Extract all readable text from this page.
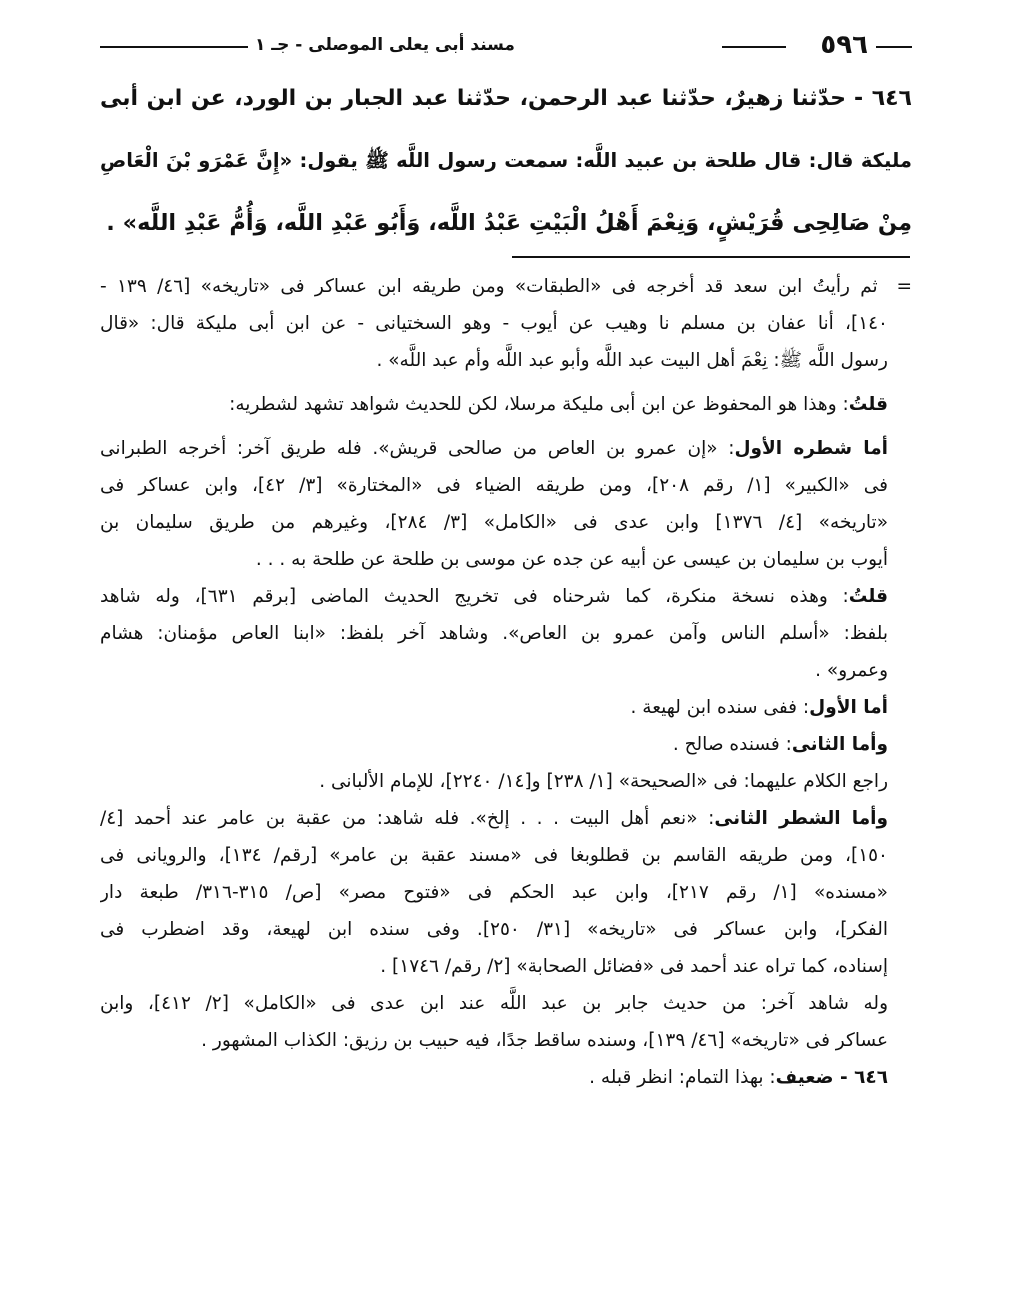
٥٩٦
مسند أبى يعلى الموصلى - جـ ١
٦٤٦ - حدّثنا زهيرٌ، حدّثنا عبد الرحمن، حدّثنا عبد الجبار بن الورد، عن ابن أبى
مليكة قال: قال طلحة بن عبيد اللَّه: سمعت رسول اللَّه ﷺ يقول: «إِنَّ عَمْرَو بْنَ الْعَاصِ
مِنْ صَالِحِى قُرَيْشٍ، وَنِعْمَ أَهْلُ الْبَيْتِ عَبْدُ اللَّه، وَأَبُو عَبْدِ اللَّه، وَأُمُّ عَبْدِ اللَّه» .
= ثم رأيتُ ابن سعد قد أخرجه فى «الطبقات» ومن طريقه ابن عساكر فى «تاريخه» [٤٦/ ١٣٩ -
١٤٠]، أنا عفان بن مسلم نا وهيب عن أيوب - وهو السختيانى - عن ابن أبى مليكة قال: «قال
رسول اللَّه ﷺ: نِعْمَ أهل البيت عبد اللَّه وأبو عبد اللَّه وأم عبد اللَّه» .
قلتُ: وهذا هو المحفوظ عن ابن أبى مليكة مرسلا، لكن للحديث شواهد تشهد لشطريه:
أما شطره الأول: «إن عمرو بن العاص من صالحى قريش». فله طريق آخر: أخرجه الطبرانى
فى «الكبير» [١/ رقم ٢٠٨]، ومن طريقه الضياء فى «المختارة» [٣/ ٤٢]، وابن عساكر فى
«تاريخه» [٤/ ١٣٧٦] وابن عدى فى «الكامل» [٣/ ٢٨٤]، وغيرهم من طريق سليمان بن
أيوب بن سليمان بن عيسى عن أبيه عن جده عن موسى بن طلحة عن طلحة به . . .
قلتُ: وهذه نسخة منكرة، كما شرحناه فى تخريج الحديث الماضى [برقم ٦٣١]، وله شاهد
بلفظ: «أسلم الناس وآمن عمرو بن العاص». وشاهد آخر بلفظ: «ابنا العاص مؤمنان: هشام
وعمرو» .
أما الأول: ففى سنده ابن لهيعة .
وأما الثانى: فسنده صالح .
راجع الكلام عليهما: فى «الصحيحة» [١/ ٢٣٨] و[١٤/ ٢٢٤٠]، للإمام الألبانى .
وأما الشطر الثانى: «نعم أهل البيت . . . إلخ». فله شاهد: من عقبة بن عامر عند أحمد [٤/
١٥٠]، ومن طريقه القاسم بن قطلوبغا فى «مسند عقبة بن عامر» [رقم/ ١٣٤]، والرويانى فى
«مسنده» [١/ رقم ٢١٧]، وابن عبد الحكم فى «فتوح مصر» [ص/ ٣١٥-٣١٦/ طبعة دار
الفكر]، وابن عساكر فى «تاريخه» [٣١/ ٢٥٠]. وفى سنده ابن لهيعة، وقد اضطرب فى
إسناده، كما تراه عند أحمد فى «فضائل الصحابة» [٢/ رقم/ ١٧٤٦] .
وله شاهد آخر: من حديث جابر بن عبد اللَّه عند ابن عدى فى «الكامل» [٢/ ٤١٢]، وابن
عساكر فى «تاريخه» [٤٦/ ١٣٩]، وسنده ساقط جدًا، فيه حبيب بن رزيق: الكذاب المشهور .
٦٤٦ - ضعيف: بهذا التمام: انظر قبله .
